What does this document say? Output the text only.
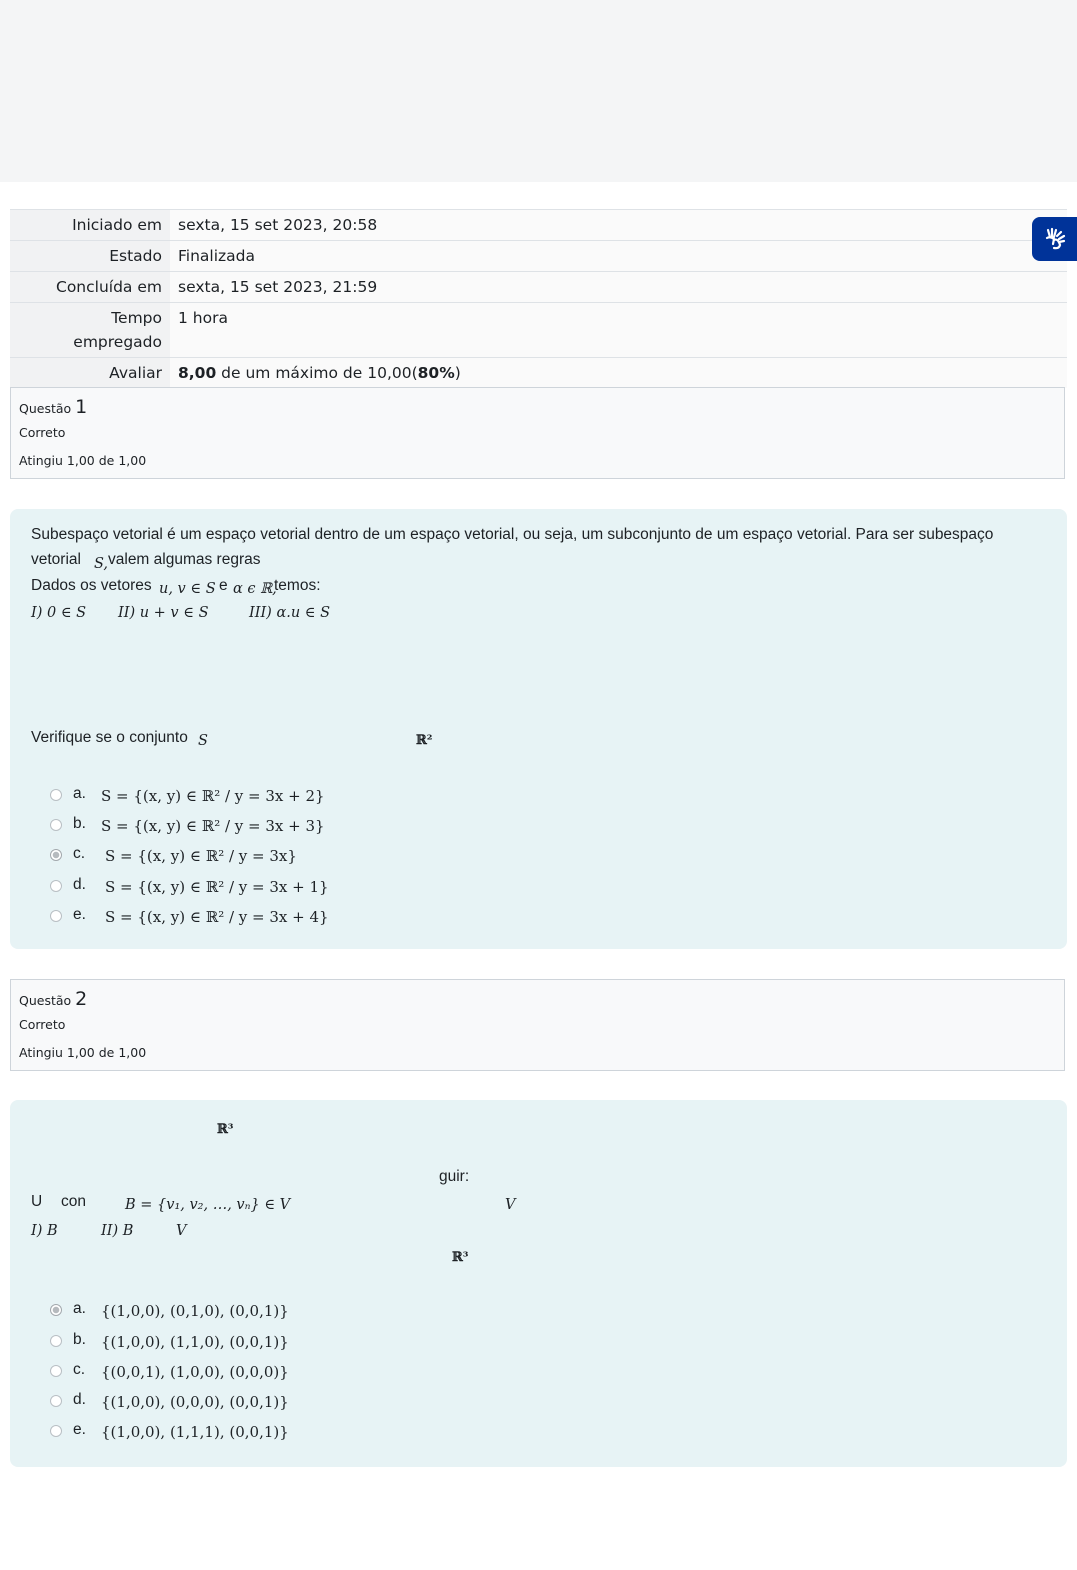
Iniciado em	sexta, 15 set 2023, 20:58
Estado	Finalizada
Concluída em	sexta, 15 set 2023, 21:59
Tempo empregado	1 hora
Avaliar	8,00 de um máximo de 10,00(80%)
Questão 1
Correto
Atingiu 1,00 de 1,00
Subespaço vetorial é um espaço vetorial dentro de um espaço vetorial, ou seja, um subconjunto de um espaço vetorial. Para ser subespaço
vetorial S, valem algumas regras
Dados os vetores u, v ∈ S e α ϵ ℝ,
temos:
I) 0 ∈ S II) u + v ∈ S	III) α.u ∈ S
Verifique se o conjunto S	ℝ²
a. S = {(x, y) ∈ ℝ² / y = 3x + 2}
b. S = {(x, y) ∈ ℝ² / y = 3x + 3}
c. S = {(x, y) ∈ ℝ² / y = 3x}
d. S = {(x, y) ∈ ℝ² / y = 3x + 1}
e. S = {(x, y) ∈ ℝ² / y = 3x + 4}
Questão 2
Correto
Atingiu 1,00 de 1,00
ℝ³
guir:
U con	B = {v₁, v₂, …, vₙ} ∈ V	V
I) B	II) B	V
ℝ³
a. {(1,0,0), (0,1,0), (0,0,1)}
b. {(1,0,0), (1,1,0), (0,0,1)}
c. {(0,0,1), (1,0,0), (0,0,0)}
d. {(1,0,0), (0,0,0), (0,0,1)}
e. {(1,0,0), (1,1,1), (0,0,1)}
